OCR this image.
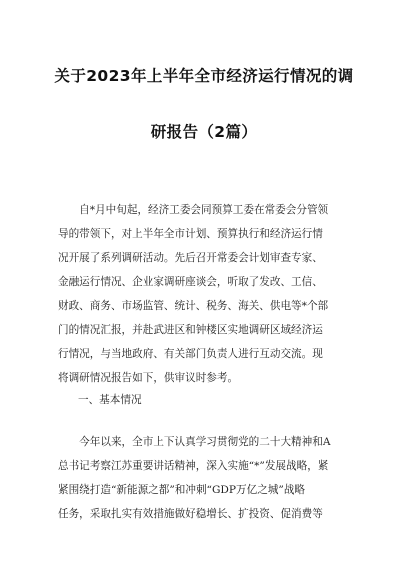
关于2023年上半年全市经济运行情况的调
研报告（2篇）
　　自*月中旬起，经济工委会同预算工委在常委会分管领
导的带领下，对上半年全市计划、预算执行和经济运行情
况开展了系列调研活动。先后召开常委会计划审查专家、
金融运行情况、企业家调研座谈会，听取了发改、工信、
财政、商务、市场监管、统计、税务、海关、供电等*个部
门的情况汇报，并赴武进区和钟楼区实地调研区域经济运
行情况，与当地政府、有关部门负责人进行互动交流。现
将调研情况报告如下，供审议时参考。
一、基本情况
　　今年以来，全市上下认真学习贯彻党的二十大精神和A
总书记考察江苏重要讲话精神，深入实施“*”发展战略，紧
紧围绕打造“新能源之都”和冲刺“GDP万亿之城”战略
任务，采取扎实有效措施做好稳增长、扩投资、促消费等
